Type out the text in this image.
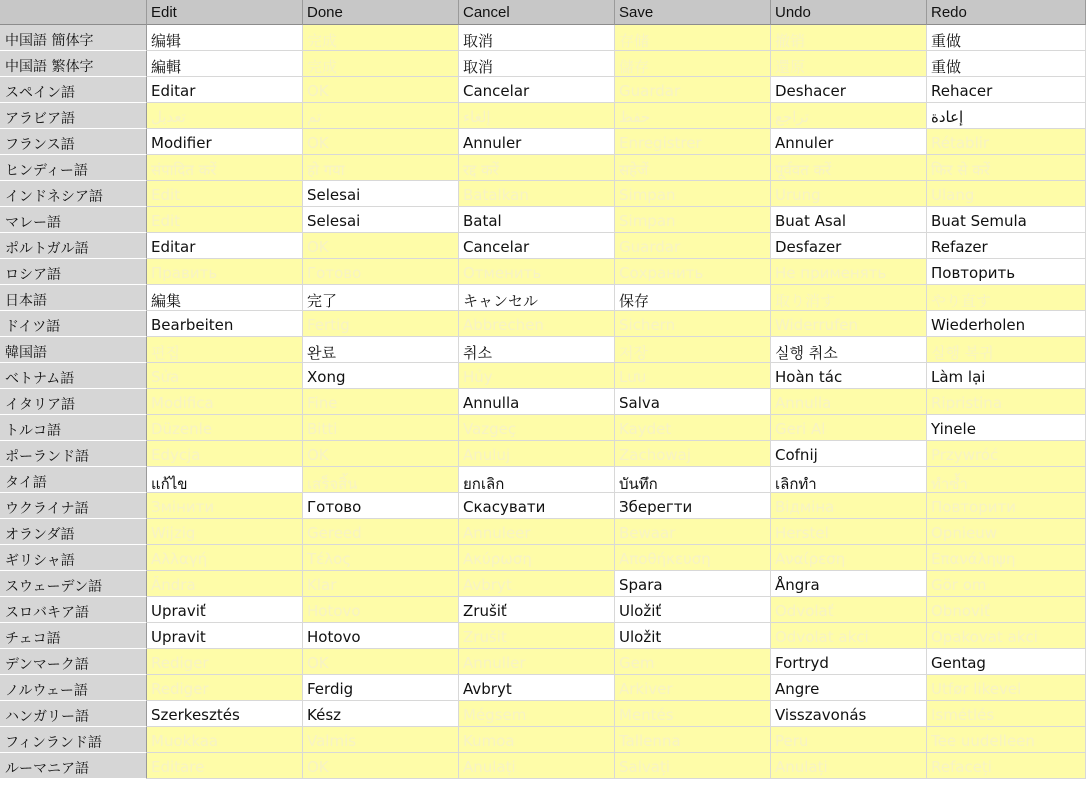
Edit	Done	Cancel	Save	Undo	Redo
中国語 簡体字	编辑	完成	取消	存储	撤销	重做
中国語 繁体字	編輯	完成	取消	儲存	還原	重做
スペイン語	Editar	OK	Cancelar	Guardar	Deshacer	Rehacer
アラビア語	تعديل	تم	إلغاء	حفظ	تراجع	إعادة
フランス語	Modifier	OK	Annuler	Enregistrer	Annuler	Rétablir
ヒンディー語	संपादित करें	हो गया	रद्द करें	सहेजें	पूर्ववत करें	फिर से करें
インドネシア語	Edit	Selesai	Batalkan	Simpan	Urung	Ulang
マレー語	Edit	Selesai	Batal	Simpan	Buat Asal	Buat Semula
ポルトガル語	Editar	OK	Cancelar	Guardar	Desfazer	Refazer
ロシア語	Править	Готово	Отменить	Сохранить	Не применять	Повторить
日本語	編集	完了	キャンセル	保存	取り消す	やり直す
ドイツ語	Bearbeiten	Fertig	Abbrechen	Sichern	Widerrufen	Wiederholen
韓国語	편집	완료	취소	저장	실행 취소	실행 복귀
ベトナム語	Sửa	Xong	Hủy	Lưu	Hoàn tác	Làm lại
イタリア語	Modifica	Fine	Annulla	Salva	Annulla	Ripristina
トルコ語	Düzenle	Bitti	Vazgeç	Kaydet	Geri Al	Yinele
ポーランド語	Edycja	OK	Anuluj	Zachowaj	Cofnij	Przywróć
タイ語	แก้ไข	เสร็จสิ้น	ยกเลิก	บันทึก	เลิกทำ	ทำซ้ำ
ウクライナ語	Змінити	Готово	Скасувати	Зберегти	Відміна	Повторити
オランダ語	Wijzig	Gereed	Annuleer	Bewaar	Herstel	Opnieuw
ギリシャ語	Αλλαγή	Τέλος	Ακύρωση	Αποθήκευση	Αναίρεση	Επανάληψη
スウェーデン語	Ändra	Klar	Avbryt	Spara	Ångra	Gör om
スロバキア語	Upraviť	Hotovo	Zrušiť	Uložiť	Odvolať	Obnoviť
チェコ語	Upravit	Hotovo	Zrušit	Uložit	Odvolat akci	Opakovat akci
デンマーク語	Rediger	OK	Annuller	Gem	Fortryd	Gentag
ノルウェー語	Rediger	Ferdig	Avbryt	Arkiver	Angre	Utfør likevel
ハンガリー語	Szerkesztés	Kész	Mégsem	Mentés	Visszavonás	Ismétlés
フィンランド語	Muokkaa	Valmis	Kumoa	Tallenna	Peru	Tee uudelleen
ルーマニア語	Editare	OK	Anulați	Salvați	Anulați	Refaceți
